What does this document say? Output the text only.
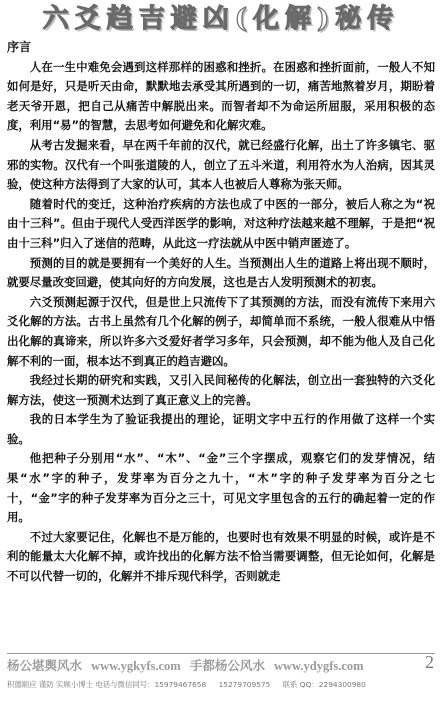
六爻趋吉避凶(化解)秘传
序言

人在一生中难免会遇到这样那样的困惑和挫折。在困惑和挫折面前，一般人不知如何是好，只是听天由命，默默地去承受其所遇到的一切，痛苦地熬着岁月，期盼着老天爷开恩，把自己从痛苦中解脱出来。而智者却不为命运所屈服，采用积极的态度，利用“易”的智慧，去思考如何避免和化解灾难。

从考古发掘来看，早在两千年前的汉代，就已经盛行化解，出土了许多镇宅、驱邪的实物。汉代有一个叫张道陵的人，创立了五斗米道，利用符水为人治病，因其灵验，使这种方法得到了大家的认可，其本人也被后人尊称为张天师。

随着时代的变迁，这种治疗疾病的方法也成了中医的一部分，被后人称之为“祝由十三科”。但由于现代人受西洋医学的影响，对这种疗法越来越不理解，于是把“祝由十三科”归入了迷信的范畴，从此这一疗法就从中医中销声匿迹了。

预测的目的就是要拥有一个美好的人生。当预测出人生的道路上将出现不顺时，就要尽量改变回避，使其向好的方向发展，这也是古人发明预测术的初衷。

六爻预测起源于汉代，但是世上只流传下了其预测的方法，而没有流传下来用六爻化解的方法。古书上虽然有几个化解的例子，却简单而不系统，一般人很难从中悟出化解的真谛来，所以许多六爻爱好者学习多年，只会预测，却不能为他人及自己化解不利的一面，根本达不到真正的趋吉避凶。

我经过长期的研究和实践，又引入民间秘传的化解法，创立出一套独特的六爻化解方法，使这一预测术达到了真正意义上的完善。

我的日本学生为了验证我提出的理论，证明文字中五行的作用做了这样一个实验。

他把种子分别用“水”、“木”、“金”三个字摆成，观察它们的发芽情况，结果“水”字的种子，发芽率为百分之九十，“木”字的种子发芽率为百分之七十，“金”字的种子发芽率为百分之三十，可见文字里包含的五行的确起着一定的作用。

不过大家要记住，化解也不是万能的，也要时也有效果不明显的时候，或许是不利的能量太大化解不掉，或许找出的化解方法不恰当需要调整，但无论如何，化解是不可以代替一切的，化解并不排斥现代科学，否则就走

杨公堪舆风水 www.ygkyfs.com 手都杨公风水 www.ydygfs.com	2
积德顺应 谨防 实顾小博士 电话与微信同号：15979467658 15279709575 联系 QQ：2294300980
